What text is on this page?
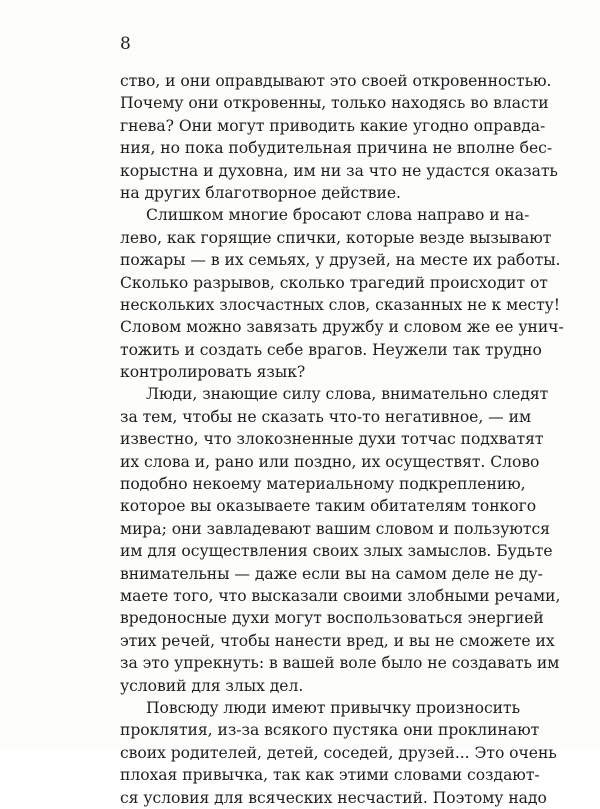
8
ство, и они оправдывают это своей откровенностью.
Почему они откровенны, только находясь во власти
гнева? Они могут приводить какие угодно оправда-
ния, но пока побудительная причина не вполне бес-
корыстна и духовна, им ни за что не удастся оказать
на других благотворное действие.
Слишком многие бросают слова направо и на-
лево, как горящие спички, которые везде вызывают
пожары — в их семьях, у друзей, на месте их работы.
Сколько разрывов, сколько трагедий происходит от
нескольких злосчастных слов, сказанных не к месту!
Словом можно завязать дружбу и словом же ее унич-
тожить и создать себе врагов. Неужели так трудно
контролировать язык?
Люди, знающие силу слова, внимательно следят
за тем, чтобы не сказать что-то негативное, — им
известно, что злокозненные духи тотчас подхватят
их слова и, рано или поздно, их осуществят. Слово
подобно некоему материальному подкреплению,
которое вы оказываете таким обитателям тонкого
мира; они завладевают вашим словом и пользуются
им для осуществления своих злых замыслов. Будьте
внимательны — даже если вы на самом деле не ду-
маете того, что высказали своими злобными речами,
вредоносные духи могут воспользоваться энергией
этих речей, чтобы нанести вред, и вы не сможете их
за это упрекнуть: в вашей воле было не создавать им
условий для злых дел.
Повсюду люди имеют привычку произносить
проклятия, из-за всякого пустяка они проклинают
своих родителей, детей, соседей, друзей... Это очень
плохая привычка, так как этими словами создают-
ся условия для всяческих несчастий. Поэтому надо
